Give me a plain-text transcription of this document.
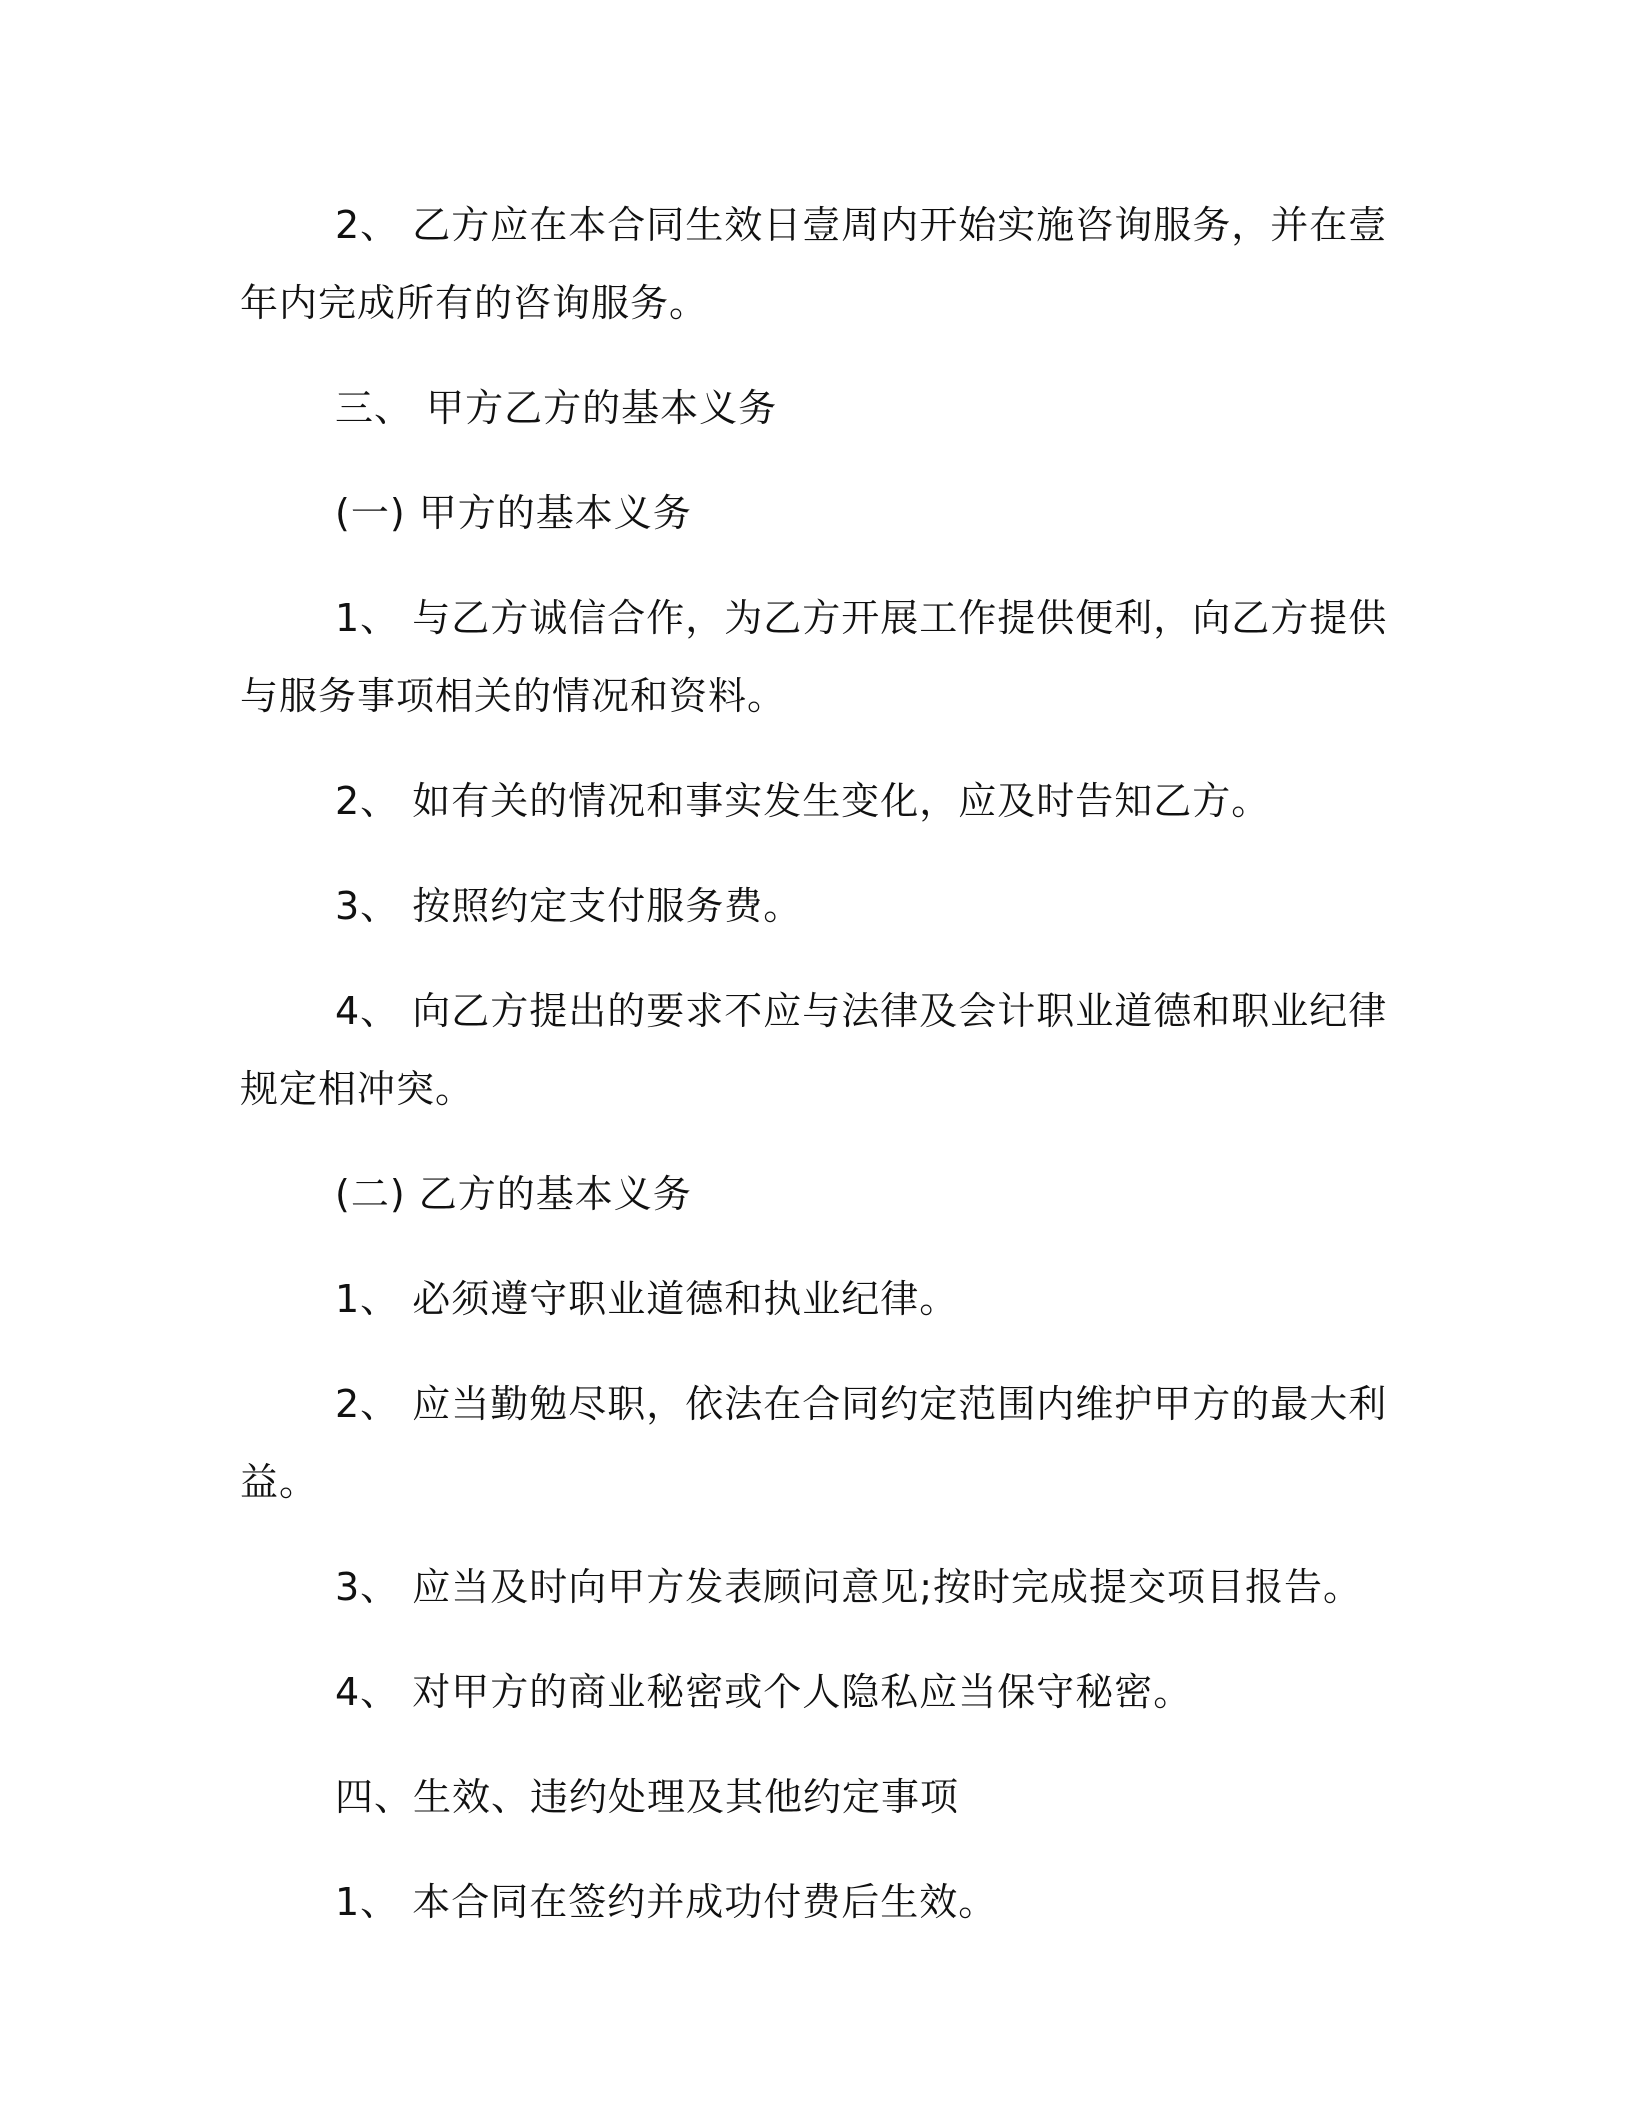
2、 乙方应在本合同生效日壹周内开始实施咨询服务，并在壹年内完成所有的咨询服务。

三、 甲方乙方的基本义务

(一) 甲方的基本义务

1、 与乙方诚信合作，为乙方开展工作提供便利，向乙方提供与服务事项相关的情况和资料。

2、 如有关的情况和事实发生变化，应及时告知乙方。

3、 按照约定支付服务费。

4、 向乙方提出的要求不应与法律及会计职业道德和职业纪律规定相冲突。

(二) 乙方的基本义务

1、 必须遵守职业道德和执业纪律。

2、 应当勤勉尽职，依法在合同约定范围内维护甲方的最大利益。

3、 应当及时向甲方发表顾问意见;按时完成提交项目报告。

4、 对甲方的商业秘密或个人隐私应当保守秘密。

四、生效、违约处理及其他约定事项

1、 本合同在签约并成功付费后生效。
